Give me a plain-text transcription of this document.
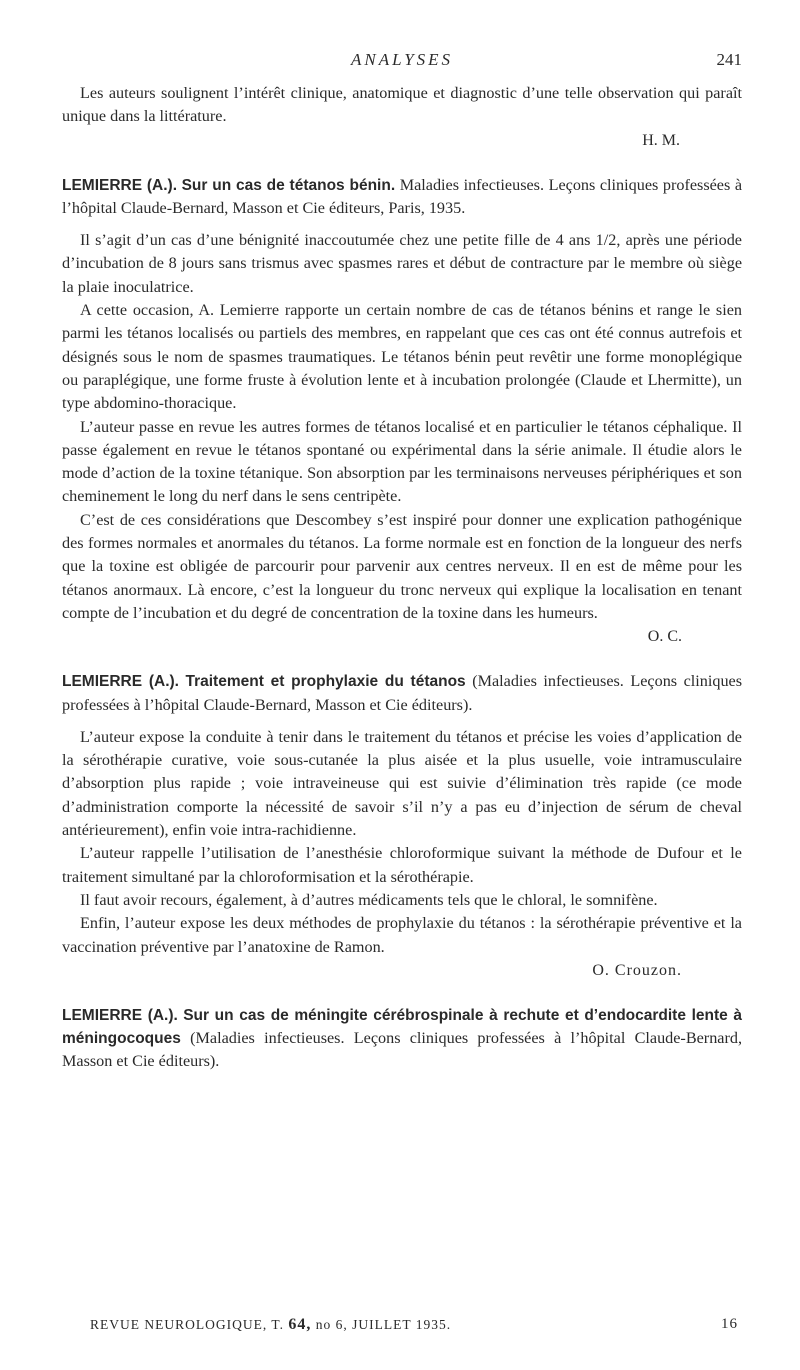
ANALYSES	241

Les auteurs soulignent l’intérêt clinique, anatomique et diagnostic d’une telle observation qui paraît unique dans la littérature.

H. M.

LEMIERRE (A.). Sur un cas de tétanos bénin. Maladies infectieuses. Leçons cliniques professées à l’hôpital Claude-Bernard, Masson et Cie éditeurs, Paris, 1935.

Il s’agit d’un cas d’une bénignité inaccoutumée chez une petite fille de 4 ans 1/2, après une période d’incubation de 8 jours sans trismus avec spasmes rares et début de contracture par le membre où siège la plaie inoculatrice.

A cette occasion, A. Lemierre rapporte un certain nombre de cas de tétanos bénins et range le sien parmi les tétanos localisés ou partiels des membres, en rappelant que ces cas ont été connus autrefois et désignés sous le nom de spasmes traumatiques. Le tétanos bénin peut revêtir une forme monoplégique ou paraplégique, une forme fruste à évolution lente et à incubation prolongée (Claude et Lhermitte), un type abdomino-thoracique.

L’auteur passe en revue les autres formes de tétanos localisé et en particulier le tétanos céphalique. Il passe également en revue le tétanos spontané ou expérimental dans la série animale. Il étudie alors le mode d’action de la toxine tétanique. Son absorption par les terminaisons nerveuses périphériques et son cheminement le long du nerf dans le sens centripète.

C’est de ces considérations que Descombey s’est inspiré pour donner une explication pathogénique des formes normales et anormales du tétanos. La forme normale est en fonction de la longueur des nerfs que la toxine est obligée de parcourir pour parvenir aux centres nerveux. Il en est de même pour les tétanos anormaux. Là encore, c’est la longueur du tronc nerveux qui explique la localisation en tenant compte de l’incubation et du degré de concentration de la toxine dans les humeurs.

O. C.

LEMIERRE (A.). Traitement et prophylaxie du tétanos (Maladies infectieuses. Leçons cliniques professées à l’hôpital Claude-Bernard, Masson et Cie éditeurs).

L’auteur expose la conduite à tenir dans le traitement du tétanos et précise les voies d’application de la sérothérapie curative, voie sous-cutanée la plus aisée et la plus usuelle, voie intramusculaire d’absorption plus rapide ; voie intraveineuse qui est suivie d’élimination très rapide (ce mode d’administration comporte la nécessité de savoir s’il n’y a pas eu d’injection de sérum de cheval antérieurement), enfin voie intra-rachidienne.

L’auteur rappelle l’utilisation de l’anesthésie chloroformique suivant la méthode de Dufour et le traitement simultané par la chloroformisation et la sérothérapie.

Il faut avoir recours, également, à d’autres médicaments tels que le chloral, le somnifène.

Enfin, l’auteur expose les deux méthodes de prophylaxie du tétanos : la sérothérapie préventive et la vaccination préventive par l’anatoxine de Ramon.

O. Crouzon.

LEMIERRE (A.). Sur un cas de méningite cérébrospinale à rechute et d’endocardite lente à méningocoques (Maladies infectieuses. Leçons cliniques professées à l’hôpital Claude-Bernard, Masson et Cie éditeurs).

REVUE NEUROLOGIQUE, T. 64, no 6, JUILLET 1935.	16
